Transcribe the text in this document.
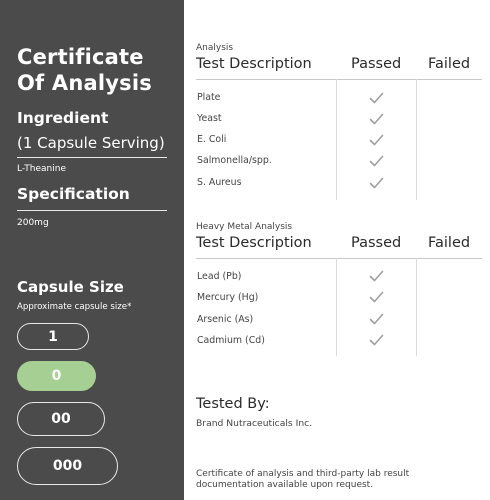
Certificate Of Analysis
Ingredient
(1 Capsule Serving)
L-Theanine
Specification
200mg
Capsule Size
Approximate capsule size*
1
0
00
000
Analysis
Test Description	Passed Failed
Plate
Yeast
E. Coli
Salmonella/spp.
S. Aureus
Heavy Metal Analysis
Test Description	Passed Failed
Lead (Pb)
Mercury (Hg)
Arsenic (As)
Cadmium (Cd)
Tested By:
Brand Nutraceuticals Inc.
Certificate of analysis and third-party lab result documentation available upon request.
